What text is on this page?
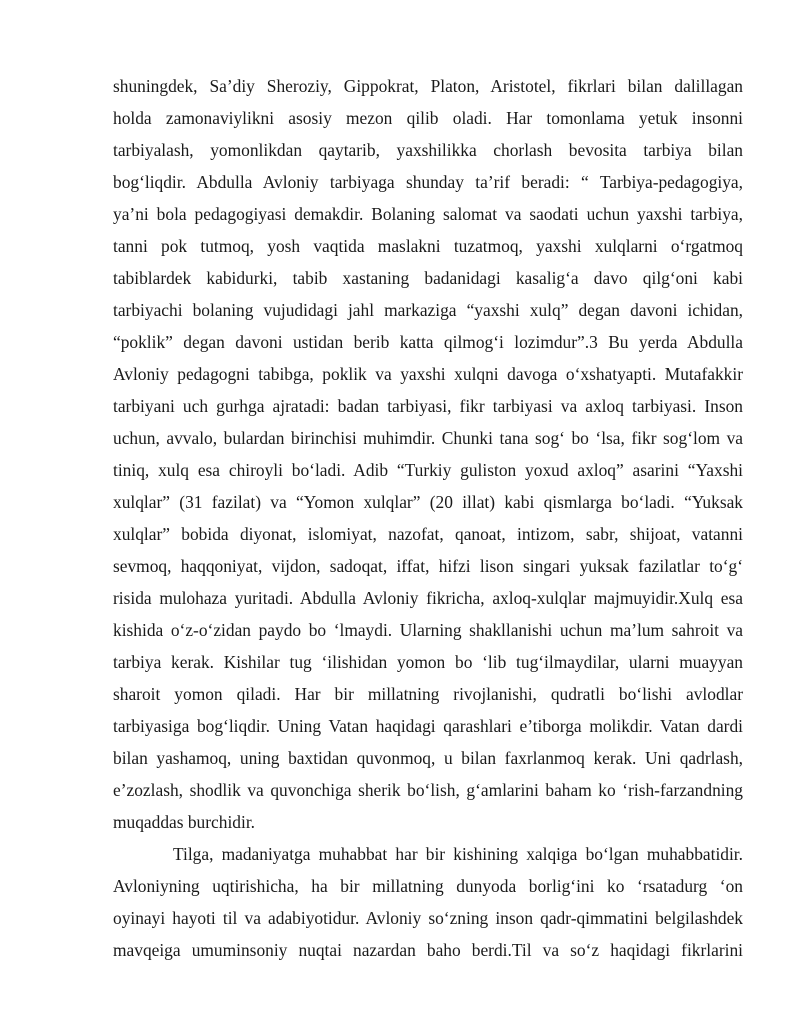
shuningdek, Sa’diy Sheroziy, Gippokrat, Platon, Aristotel, fikrlari bilan dalillagan
holda zamonaviylikni asosiy mezon qilib oladi. Har tomonlama yetuk insonni
tarbiyalash, yomonlikdan qaytarib, yaxshilikka chorlash bevosita tarbiya bilan
bog‘liqdir. Abdulla Avloniy tarbiyaga shunday ta’rif beradi: “ Tarbiya-pedagogiya,
ya’ni bola pedagogiyasi demakdir. Bolaning salomat va saodati uchun yaxshi tarbiya,
tanni pok tutmoq, yosh vaqtida maslakni tuzatmoq, yaxshi xulqlarni o‘rgatmoq
tabiblardek kabidurki, tabib xastaning badanidagi kasalig‘a davo qilg‘oni kabi
tarbiyachi bolaning vujudidagi jahl markaziga “yaxshi xulq” degan davoni ichidan,
“poklik” degan davoni ustidan berib katta qilmog‘i lozimdur”.3 Bu yerda Abdulla
Avloniy pedagogni tabibga, poklik va yaxshi xulqni davoga o‘xshatyapti. Mutafakkir
tarbiyani uch gurhga ajratadi: badan tarbiyasi, fikr tarbiyasi va axloq tarbiyasi. Inson
uchun, avvalo, bulardan birinchisi muhimdir. Chunki tana sog‘ bo ‘lsa, fikr sog‘lom va
tiniq, xulq esa chiroyli bo‘ladi. Adib “Turkiy guliston yoxud axloq” asarini “Yaxshi
xulqlar” (31 fazilat) va “Yomon xulqlar” (20 illat) kabi qismlarga bo‘ladi. “Yuksak
xulqlar” bobida diyonat, islomiyat, nazofat, qanoat, intizom, sabr, shijoat, vatanni
sevmoq, haqqoniyat, vijdon, sadoqat, iffat, hifzi lison singari yuksak fazilatlar to‘g‘
risida mulohaza yuritadi. Abdulla Avloniy fikricha, axloq-xulqlar majmuyidir.Xulq esa
kishida o‘z-o‘zidan paydo bo ‘lmaydi. Ularning shakllanishi uchun ma’lum sahroit va
tarbiya kerak. Kishilar tug ‘ilishidan yomon bo ‘lib tug‘ilmaydilar, ularni muayyan
sharoit yomon qiladi. Har bir millatning rivojlanishi, qudratli bo‘lishi avlodlar
tarbiyasiga bog‘liqdir. Uning Vatan haqidagi qarashlari e’tiborga molikdir. Vatan dardi
bilan yashamoq, uning baxtidan quvonmoq, u bilan faxrlanmoq kerak. Uni qadrlash,
e’zozlash, shodlik va quvonchiga sherik bo‘lish, g‘amlarini baham ko ‘rish-farzandning
muqaddas burchidir.
Tilga, madaniyatga muhabbat har bir kishining xalqiga bo‘lgan muhabbatidir.
Avloniyning uqtirishicha, ha bir millatning dunyoda borlig‘ini ko ‘rsatadurg ‘on
oyinayi hayoti til va adabiyotidur. Avloniy so‘zning inson qadr-qimmatini belgilashdek
mavqeiga umuminsoniy nuqtai nazardan baho berdi.Til va so‘z haqidagi fikrlarini
